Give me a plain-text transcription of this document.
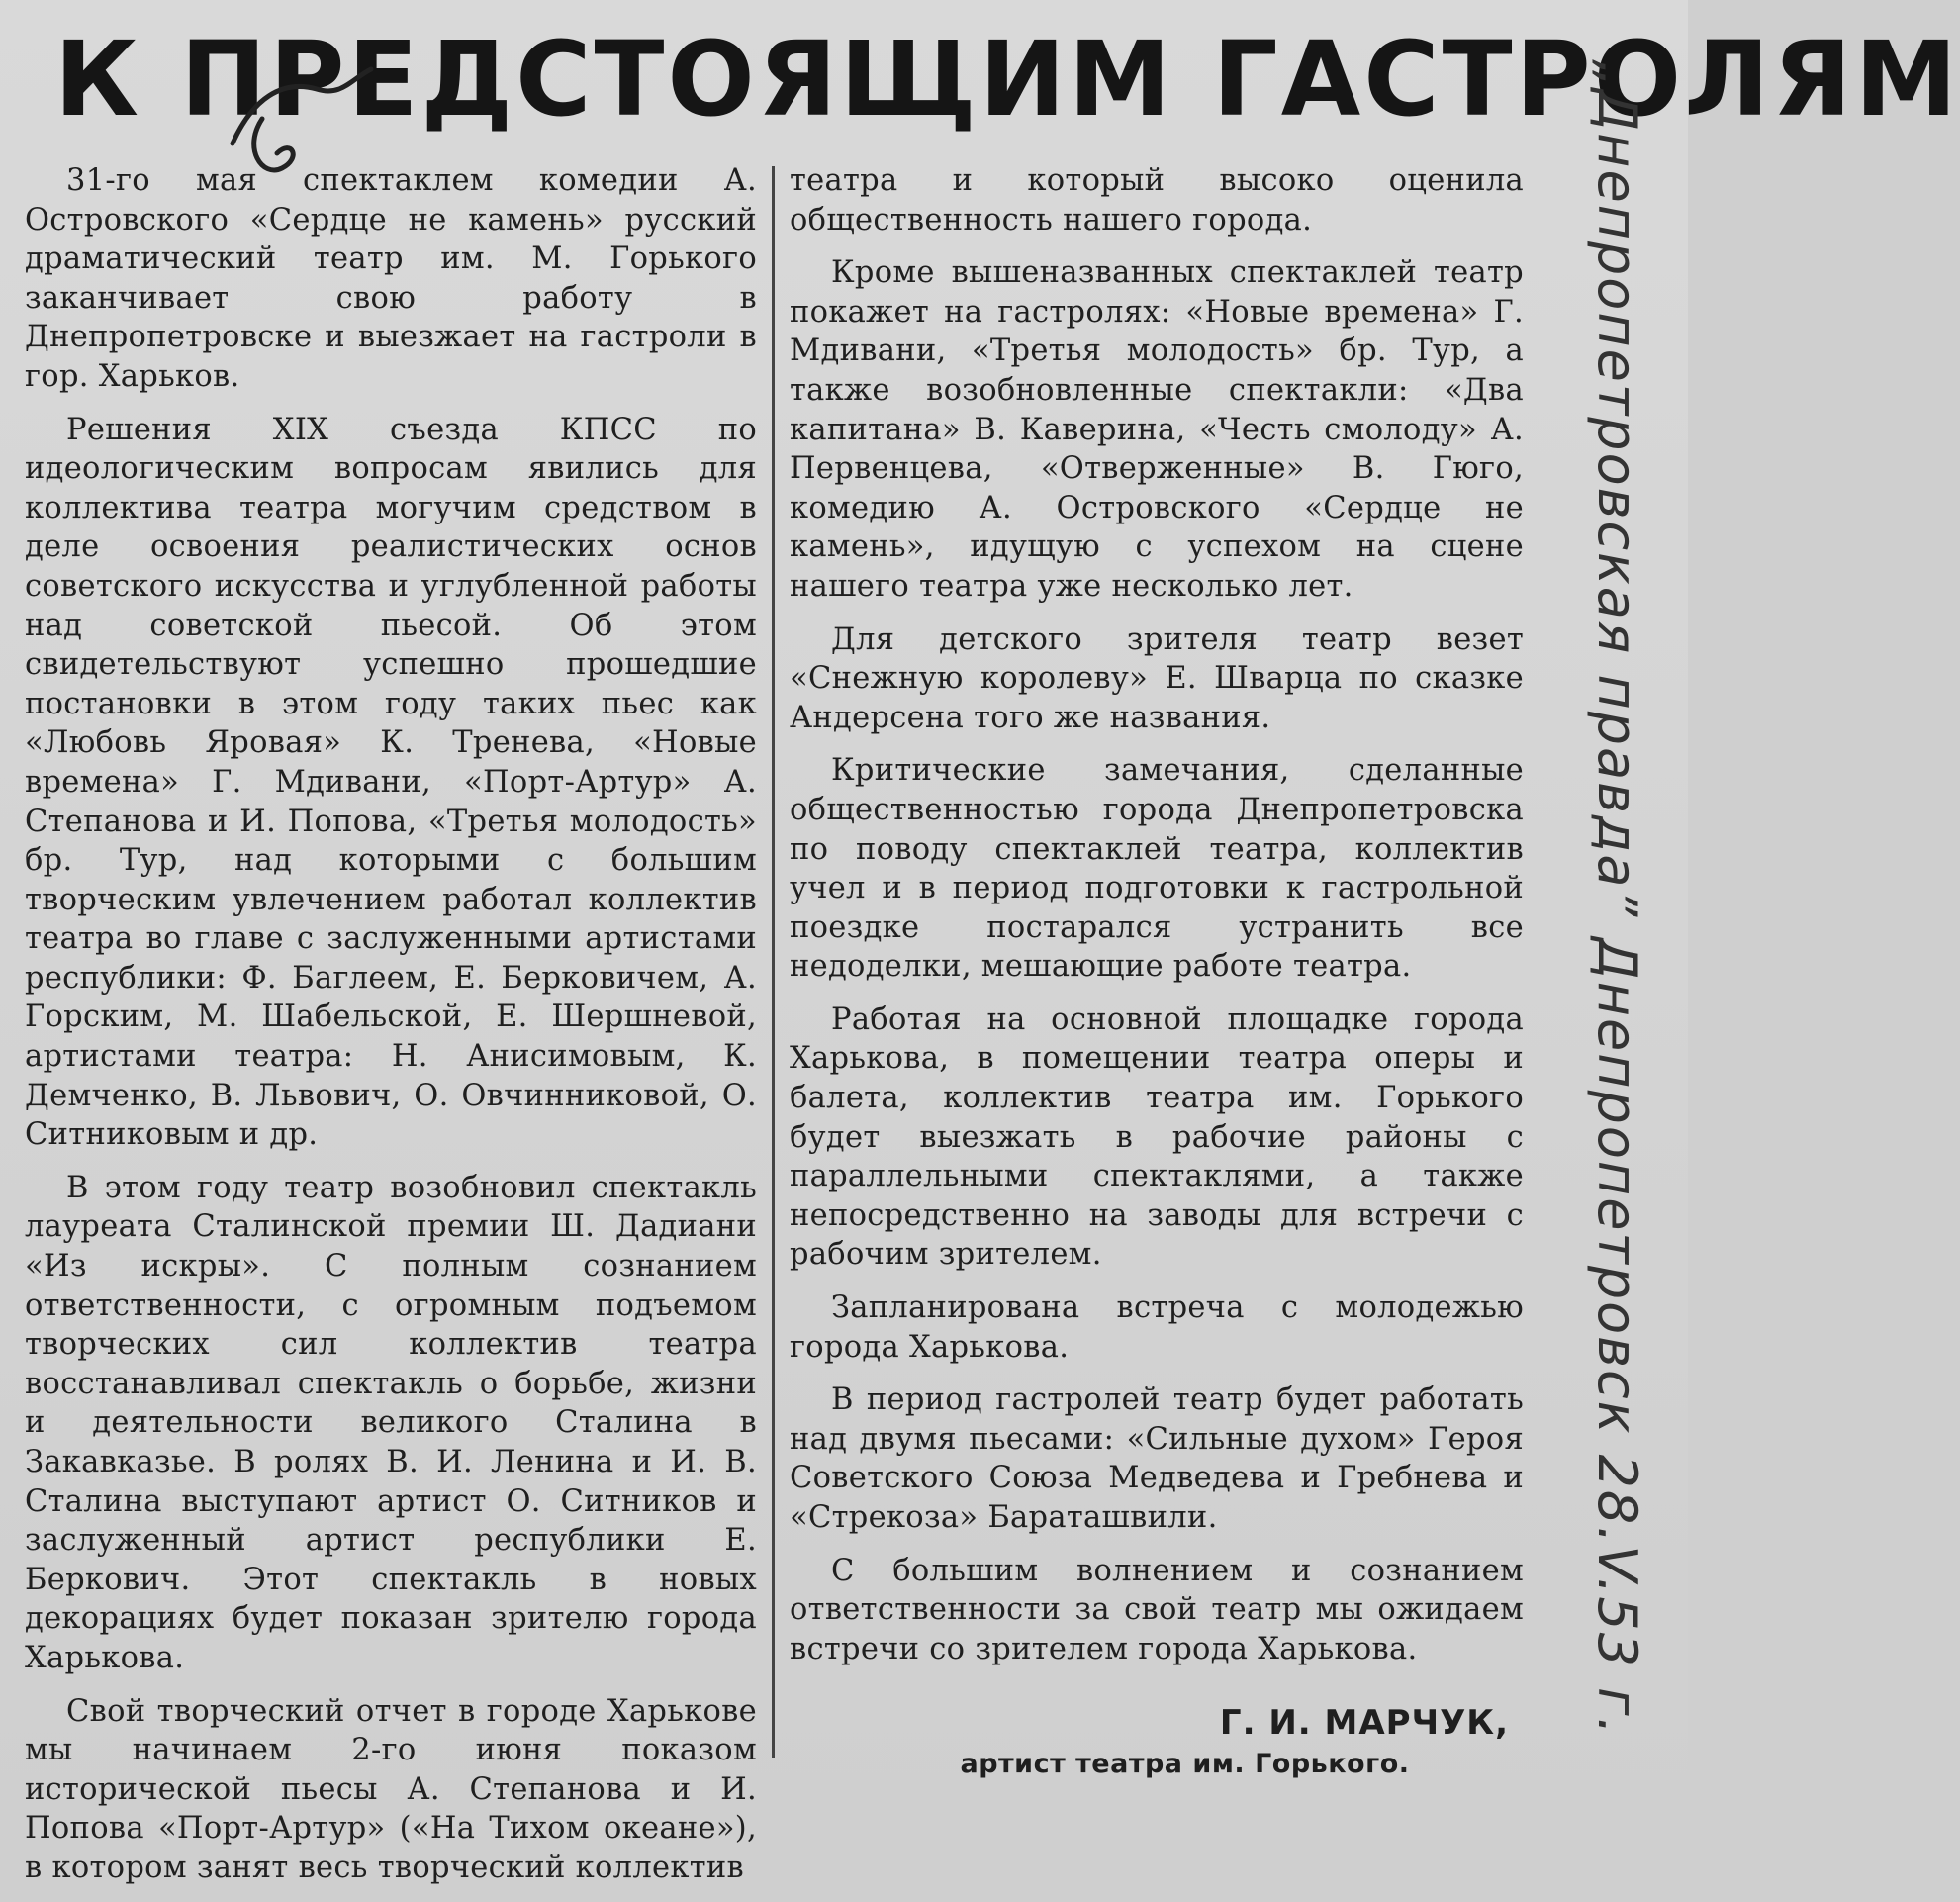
К ПРЕДСТОЯЩИМ ГАСТРОЛЯМ

31-го мая спектаклем комедии А. Островского «Сердце не камень» русский драматический театр им. М. Горького заканчивает свою работу в Днепропетровске и выезжает на гастроли в гор. Харьков.

Решения XIX съезда КПСС по идеологическим вопросам явились для коллектива театра могучим средством в деле освоения реалистических основ советского искусства и углубленной работы над советской пьесой. Об этом свидетельствуют успешно прошедшие постановки в этом году таких пьес как «Любовь Яровая» К. Тренева, «Новые времена» Г. Мдивани, «Порт-Артур» А. Степанова и И. Попова, «Третья молодость» бр. Тур, над которыми с большим творческим увлечением работал коллектив театра во главе с заслуженными артистами республики: Ф. Баглеем, Е. Берковичем, А. Горским, М. Шабельской, Е. Шершневой, артистами театра: Н. Анисимовым, К. Демченко, В. Львович, О. Овчинниковой, О. Ситниковым и др.

В этом году театр возобновил спектакль лауреата Сталинской премии Ш. Дадиани «Из искры». С полным сознанием ответственности, с огромным подъемом творческих сил коллектив театра восстанавливал спектакль о борьбе, жизни и деятельности великого Сталина в Закавказье. В ролях В. И. Ленина и И. В. Сталина выступают артист О. Ситников и заслуженный артист республики Е. Беркович. Этот спектакль в новых декорациях будет показан зрителю города Харькова.

Свой творческий отчет в городе Харькове мы начинаем 2-го июня показом исторической пьесы А. Степанова и И. Попова «Порт-Артур» («На Тихом океане»), в котором занят весь творческий коллектив

театра и который высоко оценила общественность нашего города.

Кроме вышеназванных спектаклей театр покажет на гастролях: «Новые времена» Г. Мдивани, «Третья молодость» бр. Тур, а также возобновленные спектакли: «Два капитана» В. Каверина, «Честь смолоду» А. Первенцева, «Отверженные» В. Гюго, комедию А. Островского «Сердце не камень», идущую с успехом на сцене нашего театра уже несколько лет.

Для детского зрителя театр везет «Снежную королеву» Е. Шварца по сказке Андерсена того же названия.

Критические замечания, сделанные общественностью города Днепропетровска по поводу спектаклей театра, коллектив учел и в период подготовки к гастрольной поездке постарался устранить все недоделки, мешающие работе театра.

Работая на основной площадке города Харькова, в помещении театра оперы и балета, коллектив театра им. Горького будет выезжать в рабочие районы с параллельными спектаклями, а также непосредственно на заводы для встречи с рабочим зрителем.

Запланирована встреча с молодежью города Харькова.

В период гастролей театр будет работать над двумя пьесами: «Сильные духом» Героя Советского Союза Медведева и Гребнева и «Стрекоза» Бараташвили.

С большим волнением и сознанием ответственности за свой театр мы ожидаем встречи со зрителем города Харькова.

Г. И. МАРЧУК,
артист театра им. Горького.
„Днепропетровская правда” Днепропетровск 28.V.53 г.
